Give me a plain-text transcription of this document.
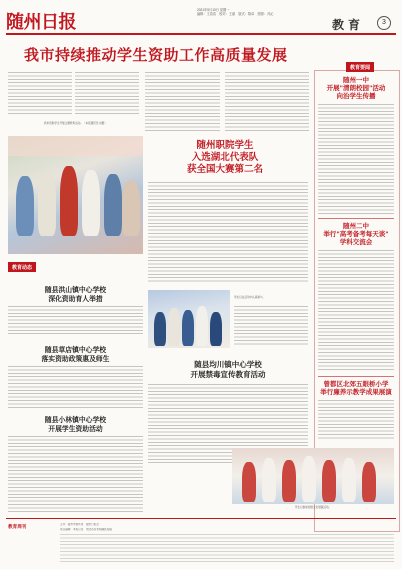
随州日报
2021年5月10日 星期一
编辑：王苗苗　校对：王丽　版式：陈卓　照排：冯沁
教育	3
我市持续推动学生资助工作高质量发展
我市资助学生开展主题教育活动。　（本报通讯员 供图）
随州职院学生
入选湖北代表队
获全国大赛第二名
教育动态
随县洪山镇中心学校
深化资助育人举措
随县草店镇中心学校
落实资助政策惠及师生
随县小林镇中心学校
开展学生资助活动
学生们在活动中认真参与。
随县均川镇中心学校
开展禁毒宣传教育活动
教育要闻
随州一中
开展"清朗校园"活动
向治学生传播
随州二中
举行"高考备考每天谈"
学科交流会
曾都区北郊五眼桥小学
举行廉养示教学成果展演
学生们参加校园文化展演活动。
教育周刊	主办：随州市教育局　随州日报社
责任编辑：本报记者　欢迎各位老师踊跃投稿
